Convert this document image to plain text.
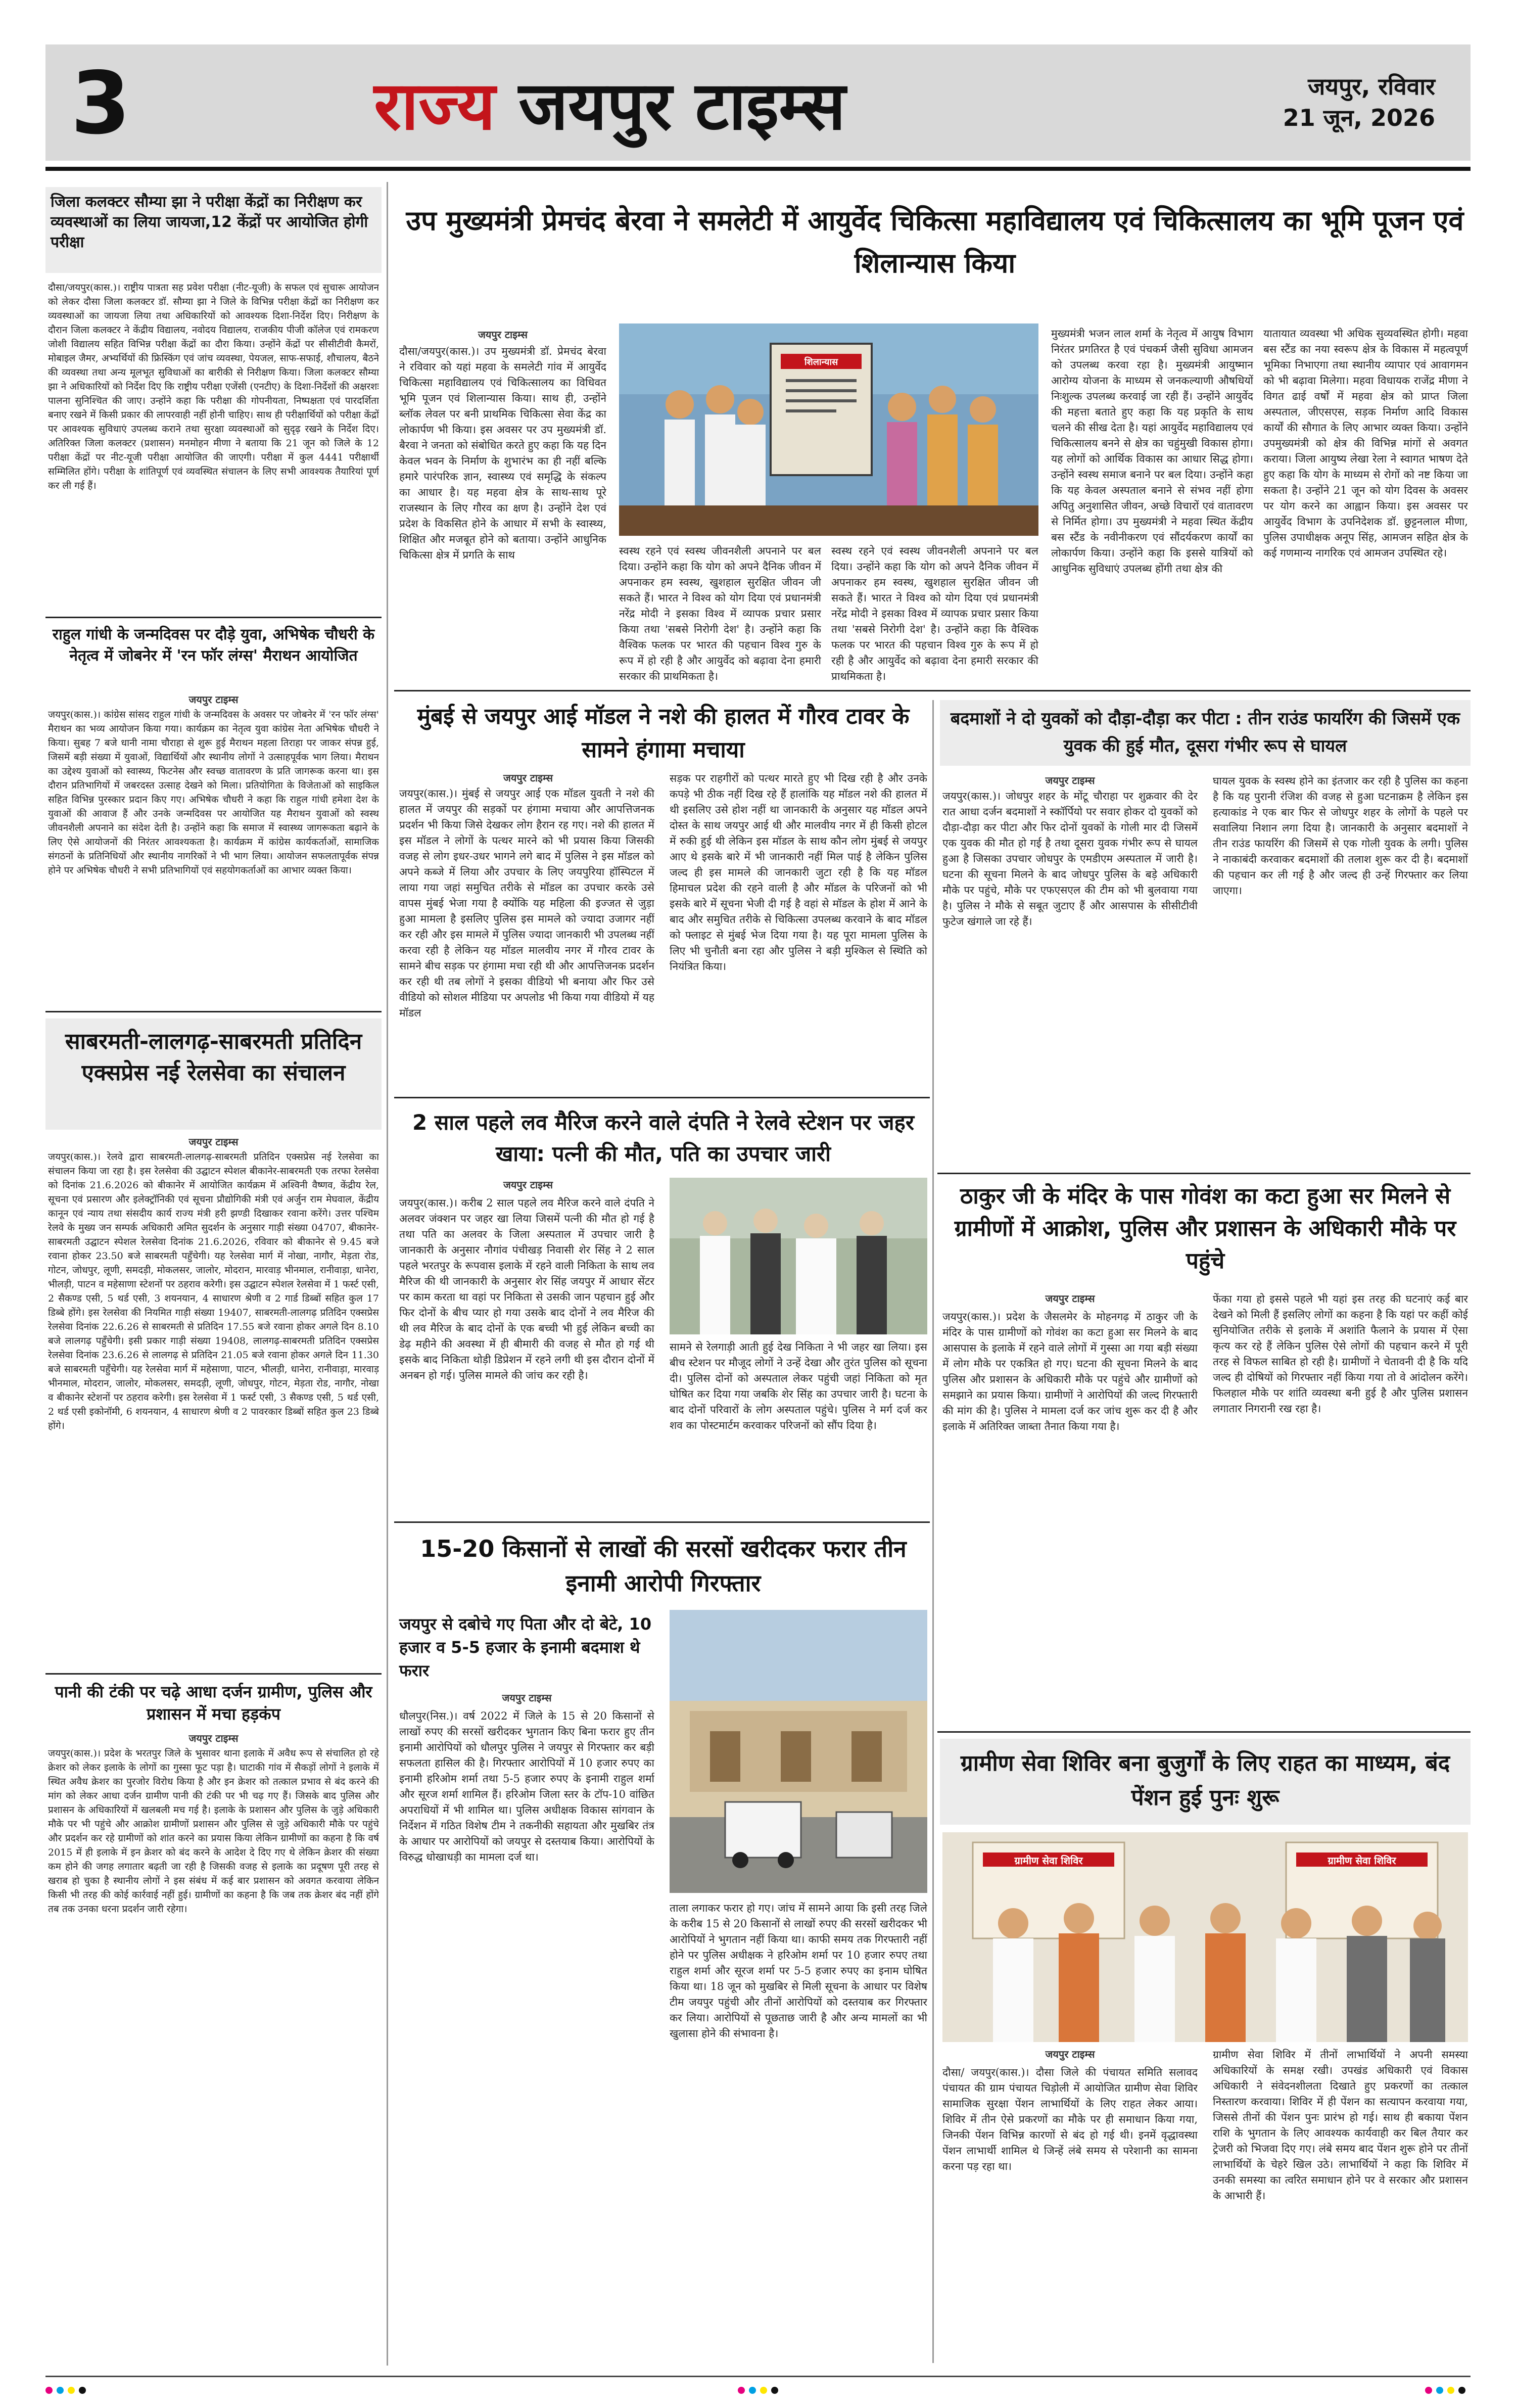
3	राज्य जयपुर टाइम्स	जयपुर, रविवार
21 जून, 2026
जिला कलक्टर सौम्या झा ने परीक्षा केंद्रों का निरीक्षण कर व्यवस्थाओं का लिया जायजा,12 केंद्रों पर आयोजित होगी परीक्षा
दौसा/जयपुर(कास.)। राष्ट्रीय पात्रता सह प्रवेश परीक्षा (नीट-यूजी) के सफल एवं सुचारू आयोजन को लेकर दौसा जिला कलक्टर डॉ. सौम्या झा ने जिले के विभिन्न परीक्षा केंद्रों का निरीक्षण कर व्यवस्थाओं का जायजा लिया तथा अधिकारियों को आवश्यक दिशा-निर्देश दिए। निरीक्षण के दौरान जिला कलक्टर ने केंद्रीय विद्यालय, नवोदय विद्यालय, राजकीय पीजी कॉलेज एवं रामकरण जोशी विद्यालय सहित विभिन्न परीक्षा केंद्रों का दौरा किया। उन्होंने केंद्रों पर सीसीटीवी कैमरों, मोबाइल जैमर, अभ्यर्थियों की फ्रिस्किंग एवं जांच व्यवस्था, पेयजल, साफ-सफाई, शौचालय, बैठने की व्यवस्था तथा अन्य मूलभूत सुविधाओं का बारीकी से निरीक्षण किया। जिला कलक्टर सौम्या झा ने अधिकारियों को निर्देश दिए कि राष्ट्रीय परीक्षा एजेंसी (एनटीए) के दिशा-निर्देशों की अक्षरशः पालना सुनिश्चित की जाए। उन्होंने कहा कि परीक्षा की गोपनीयता, निष्पक्षता एवं पारदर्शिता बनाए रखने में किसी प्रकार की लापरवाही नहीं होनी चाहिए। साथ ही परीक्षार्थियों को परीक्षा केंद्रों पर आवश्यक सुविधाएं उपलब्ध कराने तथा सुरक्षा व्यवस्थाओं को सुदृढ़ रखने के निर्देश दिए। अतिरिक्त जिला कलक्टर (प्रशासन) मनमोहन मीणा ने बताया कि 21 जून को जिले के 12 परीक्षा केंद्रों पर नीट-यूजी परीक्षा आयोजित की जाएगी। परीक्षा में कुल 4441 परीक्षार्थी सम्मिलित होंगे। परीक्षा के शांतिपूर्ण एवं व्यवस्थित संचालन के लिए सभी आवश्यक तैयारियां पूर्ण कर ली गई हैं।
राहुल गांधी के जन्मदिवस पर दौड़े युवा, अभिषेक चौधरी के नेतृत्व में जोबनेर में 'रन फॉर लंग्स' मैराथन आयोजित
जयपुर टाइम्स
जयपुर(कास.)। कांग्रेस सांसद राहुल गांधी के जन्मदिवस के अवसर पर जोबनेर में 'रन फॉर लंग्स' मैराथन का भव्य आयोजन किया गया। कार्यक्रम का नेतृत्व युवा कांग्रेस नेता अभिषेक चौधरी ने किया। सुबह 7 बजे धानी नामा चौराहा से शुरू हुई मैराथन महला तिराहा पर जाकर संपन्न हुई, जिसमें बड़ी संख्या में युवाओं, विद्यार्थियों और स्थानीय लोगों ने उत्साहपूर्वक भाग लिया। मैराथन का उद्देश्य युवाओं को स्वास्थ्य, फिटनेस और स्वच्छ वातावरण के प्रति जागरूक करना था। इस दौरान प्रतिभागियों में जबरदस्त उत्साह देखने को मिला। प्रतियोगिता के विजेताओं को साइकिल सहित विभिन्न पुरस्कार प्रदान किए गए। अभिषेक चौधरी ने कहा कि राहुल गांधी हमेशा देश के युवाओं की आवाज हैं और उनके जन्मदिवस पर आयोजित यह मैराथन युवाओं को स्वस्थ जीवनशैली अपनाने का संदेश देती है। उन्होंने कहा कि समाज में स्वास्थ्य जागरूकता बढ़ाने के लिए ऐसे आयोजनों की निरंतर आवश्यकता है। कार्यक्रम में कांग्रेस कार्यकर्ताओं, सामाजिक संगठनों के प्रतिनिधियों और स्थानीय नागरिकों ने भी भाग लिया। आयोजन सफलतापूर्वक संपन्न होने पर अभिषेक चौधरी ने सभी प्रतिभागियों एवं सहयोगकर्ताओं का आभार व्यक्त किया।
साबरमती-लालगढ़-साबरमती प्रतिदिन एक्सप्रेस नई रेलसेवा का संचालन
जयपुर टाइम्स
जयपुर(कास.)। रेलवे द्वारा साबरमती-लालगढ़-साबरमती प्रतिदिन एक्सप्रेस नई रेलसेवा का संचालन किया जा रहा है। इस रेलसेवा की उद्घाटन स्पेशल बीकानेर-साबरमती एक तरफा रेलसेवा को दिनांक 21.6.2026 को बीकानेर में आयोजित कार्यक्रम में अश्विनी वैष्णव, केंद्रीय रेल, सूचना एवं प्रसारण और इलेक्ट्रॉनिकी एवं सूचना प्रौद्योगिकी मंत्री एवं अर्जुन राम मेघवाल, केंद्रीय कानून एवं न्याय तथा संसदीय कार्य राज्य मंत्री हरी झण्डी दिखाकर रवाना करेंगे। उत्तर पश्चिम रेलवे के मुख्य जन सम्पर्क अधिकारी अमित सुदर्शन के अनुसार गाड़ी संख्या 04707, बीकानेर-साबरमती उद्घाटन स्पेशल रेलसेवा दिनांक 21.6.2026, रविवार को बीकानेर से 9.45 बजे रवाना होकर 23.50 बजे साबरमती पहुँचेगी। यह रेलसेवा मार्ग में नोखा, नागौर, मेड़ता रोड, गोटन, जोधपुर, लूणी, समदड़ी, मोकलसर, जालोर, मोदरान, मारवाड़ भीनमाल, रानीवाड़ा, धानेरा, भीलड़ी, पाटन व महेसाणा स्टेशनों पर ठहराव करेगी। इस उद्घाटन स्पेशल रेलसेवा में 1 फर्स्ट एसी, 2 सैकण्ड एसी, 5 थर्ड एसी, 3 शयनयान, 4 साधारण श्रेणी व 2 गार्ड डिब्बों सहित कुल 17 डिब्बे होंगे। इस रेलसेवा की नियमित गाड़ी संख्या 19407, साबरमती-लालगढ़ प्रतिदिन एक्सप्रेस रेलसेवा दिनांक 22.6.26 से साबरमती से प्रतिदिन 17.55 बजे रवाना होकर अगले दिन 8.10 बजे लालगढ़ पहुँचेगी। इसी प्रकार गाड़ी संख्या 19408, लालगढ़-साबरमती प्रतिदिन एक्सप्रेस रेलसेवा दिनांक 23.6.26 से लालगढ़ से प्रतिदिन 21.05 बजे रवाना होकर अगले दिन 11.30 बजे साबरमती पहुँचेगी। यह रेलसेवा मार्ग में महेसाणा, पाटन, भीलड़ी, धानेरा, रानीवाड़ा, मारवाड़ भीनमाल, मोदरान, जालोर, मोकलसर, समदड़ी, लूणी, जोधपुर, गोटन, मेड़ता रोड, नागौर, नोखा व बीकानेर स्टेशनों पर ठहराव करेगी। इस रेलसेवा में 1 फर्स्ट एसी, 3 सैकण्ड एसी, 5 थर्ड एसी, 2 थर्ड एसी इकोनॉमी, 6 शयनयान, 4 साधारण श्रेणी व 2 पावरकार डिब्बों सहित कुल 23 डिब्बे होंगे।
पानी की टंकी पर चढ़े आधा दर्जन ग्रामीण, पुलिस और प्रशासन में मचा हड़कंप
जयपुर टाइम्स
जयपुर(कास.)। प्रदेश के भरतपुर जिले के भुसावर थाना इलाके में अवैध रूप से संचालित हो रहे क्रेशर को लेकर इलाके के लोगों का गुस्सा फूट पड़ा है। घाटाकी गांव में सैकड़ों लोगों ने इलाके में स्थित अवैध क्रेशर का पुरजोर विरोध किया है और इन क्रेशर को तत्काल प्रभाव से बंद करने की मांग को लेकर आधा दर्जन ग्रामीण पानी की टंकी पर भी चढ़ गए हैं। जिसके बाद पुलिस और प्रशासन के अधिकारियों में खलबली मच गई है। इलाके के प्रशासन और पुलिस के जुड़े अधिकारी मौके पर भी पहुंचे और आक्रोश ग्रामीणों प्रशासन और पुलिस से जुड़े अधिकारी मौके पर पहुंचे और प्रदर्शन कर रहे ग्रामीणों को शांत करने का प्रयास किया लेकिन ग्रामीणों का कहना है कि वर्ष 2015 में ही इलाके में इन क्रेशर को बंद करने के आदेश दे दिए गए थे लेकिन क्रेशर की संख्या कम होने की जगह लगातार बढ़ती जा रही है जिसकी वजह से इलाके का प्रदूषण पूरी तरह से खराब हो चुका है स्थानीय लोगों ने इस संबंध में कई बार प्रशासन को अवगत करवाया लेकिन किसी भी तरह की कोई कार्रवाई नहीं हुई। ग्रामीणों का कहना है कि जब तक क्रेशर बंद नहीं होंगे तब तक उनका धरना प्रदर्शन जारी रहेगा।
उप मुख्यमंत्री प्रेमचंद बेरवा ने समलेटी में आयुर्वेद चिकित्सा महाविद्यालय एवं चिकित्सालय का भूमि पूजन एवं शिलान्यास किया
जयपुर टाइम्स
दौसा/जयपुर(कास.)। उप मुख्यमंत्री डॉ. प्रेमचंद बेरवा ने रविवार को यहां महवा के समलेटी गांव में आयुर्वेद चिकित्सा महाविद्यालय एवं चिकित्सालय का विधिवत भूमि पूजन एवं शिलान्यास किया। साथ ही, उन्होंने ब्लॉक लेवल पर बनी प्राथमिक चिकित्सा सेवा केंद्र का लोकार्पण भी किया। इस अवसर पर उप मुख्यमंत्री डॉ. बैरवा ने जनता को संबोधित करते हुए कहा कि यह दिन केवल भवन के निर्माण के शुभारंभ का ही नहीं बल्कि हमारे पारंपरिक ज्ञान, स्वास्थ्य एवं समृद्धि के संकल्प का आधार है। यह महवा क्षेत्र के साथ-साथ पूरे राजस्थान के लिए गौरव का क्षण है। उन्होंने देश एवं प्रदेश के विकसित होने के आधार में सभी के स्वास्थ्य, शिक्षित और मजबूत होने को बताया। उन्होंने आधुनिक चिकित्सा क्षेत्र में प्रगति के साथ
शिलान्यास
स्वस्थ रहने एवं स्वस्थ जीवनशैली अपनाने पर बल दिया। उन्होंने कहा कि योग को अपने दैनिक जीवन में अपनाकर हम स्वस्थ, खुशहाल सुरक्षित जीवन जी सकते हैं। भारत ने विश्व को योग दिया एवं प्रधानमंत्री नरेंद्र मोदी ने इसका विश्व में व्यापक प्रचार प्रसार किया तथा 'सबसे निरोगी देश' है। उन्होंने कहा कि वैश्विक फलक पर भारत की पहचान विश्व गुरु के रूप में हो रही है और आयुर्वेद को बढ़ावा देना हमारी सरकार की प्राथमिकता है।
स्वस्थ रहने एवं स्वस्थ जीवनशैली अपनाने पर बल दिया। उन्होंने कहा कि योग को अपने दैनिक जीवन में अपनाकर हम स्वस्थ, खुशहाल सुरक्षित जीवन जी सकते हैं। भारत ने विश्व को योग दिया एवं प्रधानमंत्री नरेंद्र मोदी ने इसका विश्व में व्यापक प्रचार प्रसार किया तथा 'सबसे निरोगी देश' है। उन्होंने कहा कि वैश्विक फलक पर भारत की पहचान विश्व गुरु के रूप में हो रही है और आयुर्वेद को बढ़ावा देना हमारी सरकार की प्राथमिकता है।
मुख्यमंत्री भजन लाल शर्मा के नेतृत्व में आयुष विभाग निरंतर प्रगतिरत है एवं पंचकर्म जैसी सुविधा आमजन को उपलब्ध करवा रहा है। मुख्यमंत्री आयुष्मान आरोग्य योजना के माध्यम से जनकल्याणी औषधियों निःशुल्क उपलब्ध करवाई जा रही हैं। उन्होंने आयुर्वेद की महत्ता बताते हुए कहा कि यह प्रकृति के साथ चलने की सीख देता है। यहां आयुर्वेद महाविद्यालय एवं चिकित्सालय बनने से क्षेत्र का चहुंमुखी विकास होगा। यह लोगों को आर्थिक विकास का आधार सिद्ध होगा। उन्होंने स्वस्थ समाज बनाने पर बल दिया। उन्होंने कहा कि यह केवल अस्पताल बनाने से संभव नहीं होगा अपितु अनुशासित जीवन, अच्छे विचारों एवं वातावरण से निर्मित होगा। उप मुख्यमंत्री ने महवा स्थित केंद्रीय बस स्टैंड के नवीनीकरण एवं सौंदर्यकरण कार्यों का लोकार्पण किया। उन्होंने कहा कि इससे यात्रियों को आधुनिक सुविधाएं उपलब्ध होंगी तथा क्षेत्र की
यातायात व्यवस्था भी अधिक सुव्यवस्थित होगी। महवा बस स्टैंड का नया स्वरूप क्षेत्र के विकास में महत्वपूर्ण भूमिका निभाएगा तथा स्थानीय व्यापार एवं आवागमन को भी बढ़ावा मिलेगा। महवा विधायक राजेंद्र मीणा ने विगत ढाई वर्षों में महवा क्षेत्र को प्राप्त जिला अस्पताल, जीएसएस, सड़क निर्माण आदि विकास कार्यों की सौगात के लिए आभार व्यक्त किया। उन्होंने उपमुख्यमंत्री को क्षेत्र की विभिन्न मांगों से अवगत कराया। जिला आयुष्य लेखा रेला ने स्वागत भाषण देते हुए कहा कि योग के माध्यम से रोगों को नष्ट किया जा सकता है। उन्होंने 21 जून को योग दिवस के अवसर पर योग करने का आह्वान किया। इस अवसर पर आयुर्वेद विभाग के उपनिदेशक डॉ. छुट्टनलाल मीणा, पुलिस उपाधीक्षक अनूप सिंह, आमजन सहित क्षेत्र के कई गणमान्य नागरिक एवं आमजन उपस्थित रहे।
मुंबई से जयपुर आई मॉडल ने नशे की हालत में गौरव टावर के सामने हंगामा मचाया
जयपुर टाइम्स
जयपुर(कास.)। मुंबई से जयपुर आई एक मॉडल युवती ने नशे की हालत में जयपुर की सड़कों पर हंगामा मचाया और आपत्तिजनक प्रदर्शन भी किया जिसे देखकर लोग हैरान रह गए। नशे की हालत में इस मॉडल ने लोगों के पत्थर मारने को भी प्रयास किया जिसकी वजह से लोग इधर-उधर भागने लगे बाद में पुलिस ने इस मॉडल को अपने कब्जे में लिया और उपचार के लिए जयपुरिया हॉस्पिटल में लाया गया जहां समुचित तरीके से मॉडल का उपचार करके उसे वापस मुंबई भेजा गया है क्योंकि यह महिला की इज्जत से जुड़ा हुआ मामला है इसलिए पुलिस इस मामले को ज्यादा उजागर नहीं कर रही और इस मामले में पुलिस ज्यादा जानकारी भी उपलब्ध नहीं करवा रही है लेकिन यह मॉडल मालवीय नगर में गौरव टावर के सामने बीच सड़क पर हंगामा मचा रही थी और आपत्तिजनक प्रदर्शन कर रही थी तब लोगों ने इसका वीडियो भी बनाया और फिर उसे वीडियो को सोशल मीडिया पर अपलोड भी किया गया वीडियो में यह मॉडल
सड़क पर राहगीरों को पत्थर मारते हुए भी दिख रही है और उनके कपड़े भी ठीक नहीं दिख रहे हैं हालांकि यह मॉडल नशे की हालत में थी इसलिए उसे होश नहीं था जानकारी के अनुसार यह मॉडल अपने दोस्त के साथ जयपुर आई थी और मालवीय नगर में ही किसी होटल में रुकी हुई थी लेकिन इस मॉडल के साथ कौन लोग मुंबई से जयपुर आए थे इसके बारे में भी जानकारी नहीं मिल पाई है लेकिन पुलिस जल्द ही इस मामले की जानकारी जुटा रही है कि यह मॉडल हिमाचल प्रदेश की रहने वाली है और मॉडल के परिजनों को भी इसके बारे में सूचना भेजी दी गई है वहां से मॉडल के होश में आने के बाद और समुचित तरीके से चिकित्सा उपलब्ध करवाने के बाद मॉडल को फ्लाइट से मुंबई भेज दिया गया है। यह पूरा मामला पुलिस के लिए भी चुनौती बना रहा और पुलिस ने बड़ी मुश्किल से स्थिति को नियंत्रित किया।
2 साल पहले लव मैरिज करने वाले दंपति ने रेलवे स्टेशन पर जहर खाया: पत्नी की मौत, पति का उपचार जारी
जयपुर टाइम्स
जयपुर(कास.)। करीब 2 साल पहले लव मैरिज करने वाले दंपति ने अलवर जंक्शन पर जहर खा लिया जिसमें पत्नी की मौत हो गई है तथा पति का अलवर के जिला अस्पताल में उपचार जारी है जानकारी के अनुसार नौगांव पंचीखड़ निवासी शेर सिंह ने 2 साल पहले भरतपुर के रूपवास इलाके में रहने वाली निकिता के साथ लव मैरिज की थी जानकारी के अनुसार शेर सिंह जयपुर में आधार सेंटर पर काम करता था वहां पर निकिता से उसकी जान पहचान हुई और फिर दोनों के बीच प्यार हो गया उसके बाद दोनों ने लव मैरिज की थी लव मैरिज के बाद दोनों के एक बच्ची भी हुई लेकिन बच्ची का डेढ़ महीने की अवस्था में ही बीमारी की वजह से मौत हो गई थी इसके बाद निकिता थोड़ी डिप्रेशन में रहने लगी थी इस दौरान दोनों में अनबन हो गई। पुलिस मामले की जांच कर रही है।
सामने से रेलगाड़ी आती हुई देख निकिता ने भी जहर खा लिया। इस बीच स्टेशन पर मौजूद लोगों ने उन्हें देखा और तुरंत पुलिस को सूचना दी। पुलिस दोनों को अस्पताल लेकर पहुंची जहां निकिता को मृत घोषित कर दिया गया जबकि शेर सिंह का उपचार जारी है। घटना के बाद दोनों परिवारों के लोग अस्पताल पहुंचे। पुलिस ने मर्ग दर्ज कर शव का पोस्टमार्टम करवाकर परिजनों को सौंप दिया है।
15-20 किसानों से लाखों की सरसों खरीदकर फरार तीन इनामी आरोपी गिरफ्तार
जयपुर से दबोचे गए पिता और दो बेटे, 10 हजार व 5-5 हजार के इनामी बदमाश थे फरार
जयपुर टाइम्स
धौलपुर(निस.)। वर्ष 2022 में जिले के 15 से 20 किसानों से लाखों रुपए की सरसों खरीदकर भुगतान किए बिना फरार हुए तीन इनामी आरोपियों को धौलपुर पुलिस ने जयपुर से गिरफ्तार कर बड़ी सफलता हासिल की है। गिरफ्तार आरोपियों में 10 हजार रुपए का इनामी हरिओम शर्मा तथा 5-5 हजार रुपए के इनामी राहुल शर्मा और सूरज शर्मा शामिल हैं। हरिओम जिला स्तर के टॉप-10 वांछित अपराधियों में भी शामिल था। पुलिस अधीक्षक विकास सांगवान के निर्देशन में गठित विशेष टीम ने तकनीकी सहायता और मुखबिर तंत्र के आधार पर आरोपियों को जयपुर से दस्तयाब किया। आरोपियों के विरुद्ध धोखाधड़ी का मामला दर्ज था।
ताला लगाकर फरार हो गए। जांच में सामने आया कि इसी तरह जिले के करीब 15 से 20 किसानों से लाखों रुपए की सरसों खरीदकर भी आरोपियों ने भुगतान नहीं किया था। काफी समय तक गिरफ्तारी नहीं होने पर पुलिस अधीक्षक ने हरिओम शर्मा पर 10 हजार रुपए तथा राहुल शर्मा और सूरज शर्मा पर 5-5 हजार रुपए का इनाम घोषित किया था। 18 जून को मुखबिर से मिली सूचना के आधार पर विशेष टीम जयपुर पहुंची और तीनों आरोपियों को दस्तयाब कर गिरफ्तार कर लिया। आरोपियों से पूछताछ जारी है और अन्य मामलों का भी खुलासा होने की संभावना है।
बदमाशों ने दो युवकों को दौड़ा-दौड़ा कर पीटा : तीन राउंड फायरिंग की जिसमें एक युवक की हुई मौत, दूसरा गंभीर रूप से घायल
जयपुर टाइम्स
जयपुर(कास.)। जोधपुर शहर के मोंटू चौराहा पर शुक्रवार की देर रात आधा दर्जन बदमाशों ने स्कॉर्पियो पर सवार होकर दो युवकों को दौड़ा-दौड़ा कर पीटा और फिर दोनों युवकों के गोली मार दी जिसमें एक युवक की मौत हो गई है तथा दूसरा युवक गंभीर रूप से घायल हुआ है जिसका उपचार जोधपुर के एमडीएम अस्पताल में जारी है। घटना की सूचना मिलने के बाद जोधपुर पुलिस के बड़े अधिकारी मौके पर पहुंचे, मौके पर एफएसएल की टीम को भी बुलवाया गया है। पुलिस ने मौके से सबूत जुटाए हैं और आसपास के सीसीटीवी फुटेज खंगाले जा रहे हैं।
घायल युवक के स्वस्थ होने का इंतजार कर रही है पुलिस का कहना है कि यह पुरानी रंजिश की वजह से हुआ घटनाक्रम है लेकिन इस हत्याकांड ने एक बार फिर से जोधपुर शहर के लोगों के पहले पर सवालिया निशान लगा दिया है। जानकारी के अनुसार बदमाशों ने तीन राउंड फायरिंग की जिसमें से एक गोली युवक के लगी। पुलिस ने नाकाबंदी करवाकर बदमाशों की तलाश शुरू कर दी है। बदमाशों की पहचान कर ली गई है और जल्द ही उन्हें गिरफ्तार कर लिया जाएगा।
ठाकुर जी के मंदिर के पास गोवंश का कटा हुआ सर मिलने से ग्रामीणों में आक्रोश, पुलिस और प्रशासन के अधिकारी मौके पर पहुंचे
जयपुर टाइम्स
जयपुर(कास.)। प्रदेश के जैसलमेर के मोहनगढ़ में ठाकुर जी के मंदिर के पास ग्रामीणों को गोवंश का कटा हुआ सर मिलने के बाद आसपास के इलाके में रहने वाले लोगों में गुस्सा आ गया बड़ी संख्या में लोग मौके पर एकत्रित हो गए। घटना की सूचना मिलने के बाद पुलिस और प्रशासन के अधिकारी मौके पर पहुंचे और ग्रामीणों को समझाने का प्रयास किया। ग्रामीणों ने आरोपियों की जल्द गिरफ्तारी की मांग की है। पुलिस ने मामला दर्ज कर जांच शुरू कर दी है और इलाके में अतिरिक्त जाब्ता तैनात किया गया है।
फेंका गया हो इससे पहले भी यहां इस तरह की घटनाएं कई बार देखने को मिली हैं इसलिए लोगों का कहना है कि यहां पर कहीं कोई सुनियोजित तरीके से इलाके में अशांति फैलाने के प्रयास में ऐसा कृत्य कर रहे हैं लेकिन पुलिस ऐसे लोगों की पहचान करने में पूरी तरह से विफल साबित हो रही है। ग्रामीणों ने चेतावनी दी है कि यदि जल्द ही दोषियों को गिरफ्तार नहीं किया गया तो वे आंदोलन करेंगे। फिलहाल मौके पर शांति व्यवस्था बनी हुई है और पुलिस प्रशासन लगातार निगरानी रख रहा है।
ग्रामीण सेवा शिविर बना बुजुर्गों के लिए राहत का माध्यम, बंद पेंशन हुई पुनः शुरू
ग्रामीण सेवा शिविर	ग्रामीण सेवा शिविर
जयपुर टाइम्स
दौसा/ जयपुर(कास.)। दौसा जिले की पंचायत समिति सलावद पंचायत की ग्राम पंचायत चिड़ोली में आयोजित ग्रामीण सेवा शिविर सामाजिक सुरक्षा पेंशन लाभार्थियों के लिए राहत लेकर आया। शिविर में तीन ऐसे प्रकरणों का मौके पर ही समाधान किया गया, जिनकी पेंशन विभिन्न कारणों से बंद हो गई थी। इनमें वृद्धावस्था पेंशन लाभार्थी शामिल थे जिन्हें लंबे समय से परेशानी का सामना करना पड़ रहा था।
ग्रामीण सेवा शिविर में तीनों लाभार्थियों ने अपनी समस्या अधिकारियों के समक्ष रखी। उपखंड अधिकारी एवं विकास अधिकारी ने संवेदनशीलता दिखाते हुए प्रकरणों का तत्काल निस्तारण करवाया। शिविर में ही पेंशन का सत्यापन करवाया गया, जिससे तीनों की पेंशन पुनः प्रारंभ हो गई। साथ ही बकाया पेंशन राशि के भुगतान के लिए आवश्यक कार्यवाही कर बिल तैयार कर ट्रेजरी को भिजवा दिए गए। लंबे समय बाद पेंशन शुरू होने पर तीनों लाभार्थियों के चेहरे खिल उठे। लाभार्थियों ने कहा कि शिविर में उनकी समस्या का त्वरित समाधान होने पर वे सरकार और प्रशासन के आभारी हैं।
